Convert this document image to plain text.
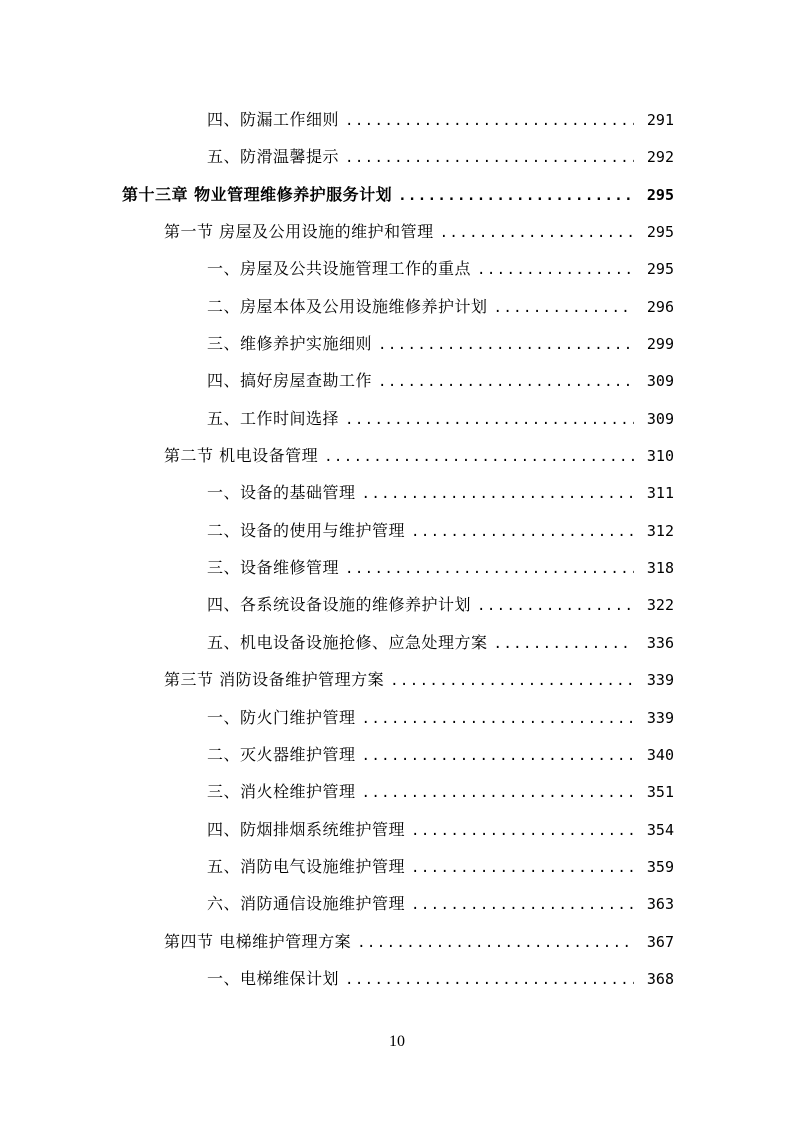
四、防漏工作细则 .....	291
五、防滑温馨提示 .....	292
第十三章 物业管理维修养护服务计划 .....	295
第一节 房屋及公用设施的维护和管理 .....	295
一、房屋及公共设施管理工作的重点 .....	295
二、房屋本体及公用设施维修养护计划 .....	296
三、维修养护实施细则 .....	299
四、搞好房屋查勘工作 .....	309
五、工作时间选择 .....	309
第二节 机电设备管理 .....	310
一、设备的基础管理 .....	311
二、设备的使用与维护管理 .....	312
三、设备维修管理 .....	318
四、各系统设备设施的维修养护计划 .....	322
五、机电设备设施抢修、应急处理方案 .....	336
第三节 消防设备维护管理方案 .....	339
一、防火门维护管理 .....	339
二、灭火器维护管理 .....	340
三、消火栓维护管理 .....	351
四、防烟排烟系统维护管理 .....	354
五、消防电气设施维护管理 .....	359
六、消防通信设施维护管理 .....	363
第四节 电梯维护管理方案 .....	367
一、电梯维保计划 .....	368
10
